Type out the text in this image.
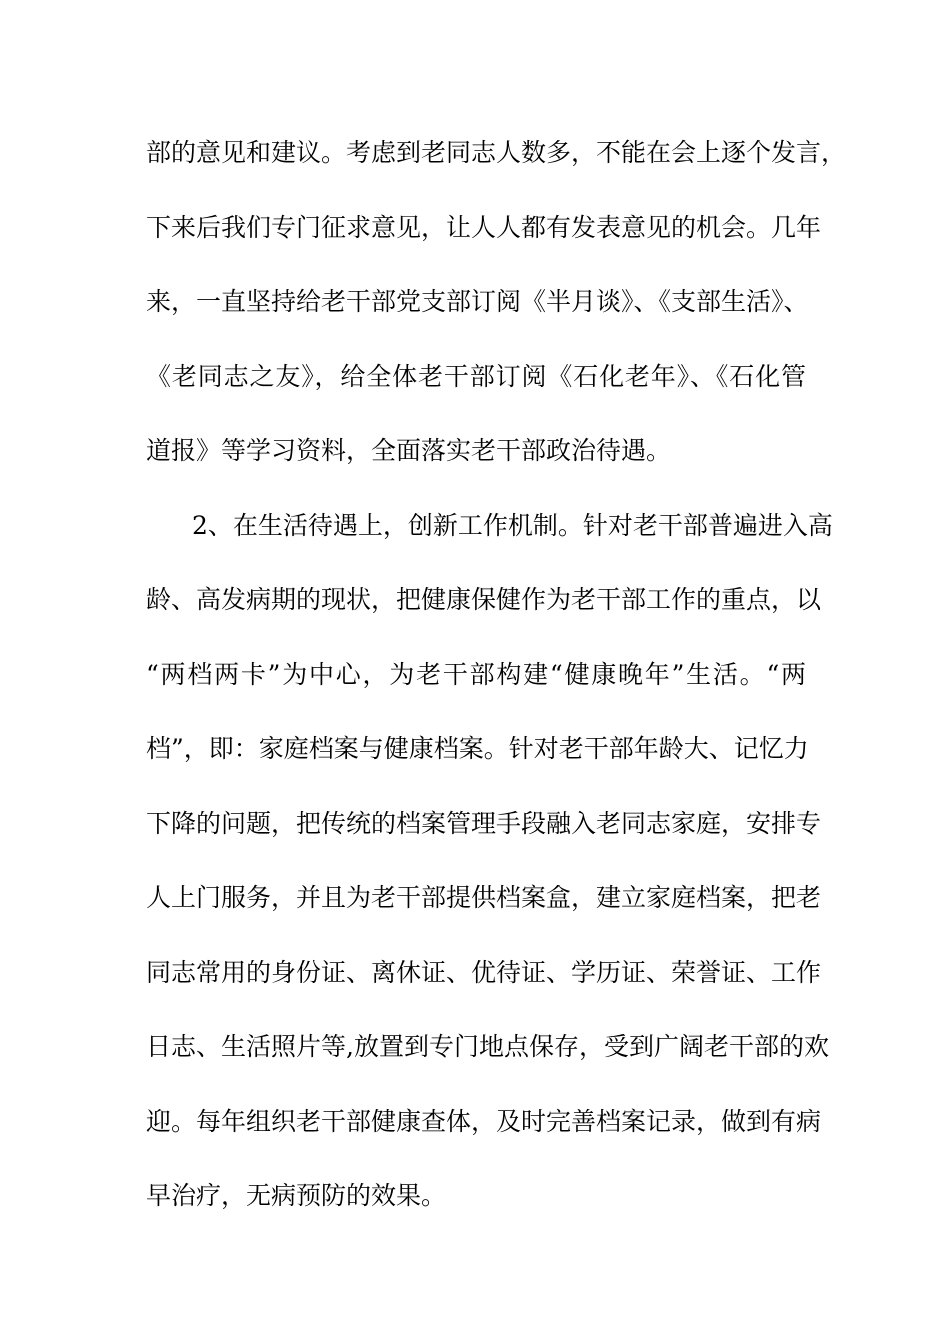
部的意见和建议。考虑到老同志人数多，不能在会上逐个发言，
下来后我们专门征求意见，让人人都有发表意见的机会。几年
来，一直坚持给老干部党支部订阅《半月谈》、《支部生活》、
《老同志之友》，给全体老干部订阅《石化老年》、《石化管
道报》等学习资料，全面落实老干部政治待遇。
2、在生活待遇上，创新工作机制。针对老干部普遍进入高
龄、高发病期的现状，把健康保健作为老干部工作的重点，以
“两档两卡”为中心，为老干部构建“健康晚年”生活。“两
档”，即：家庭档案与健康档案。针对老干部年龄大、记忆力
下降的问题，把传统的档案管理手段融入老同志家庭，安排专
人上门服务，并且为老干部提供档案盒，建立家庭档案，把老
同志常用的身份证、离休证、优待证、学历证、荣誉证、工作
日志、生活照片等,放置到专门地点保存，受到广阔老干部的欢
迎。每年组织老干部健康查体，及时完善档案记录，做到有病
早治疗，无病预防的效果。
